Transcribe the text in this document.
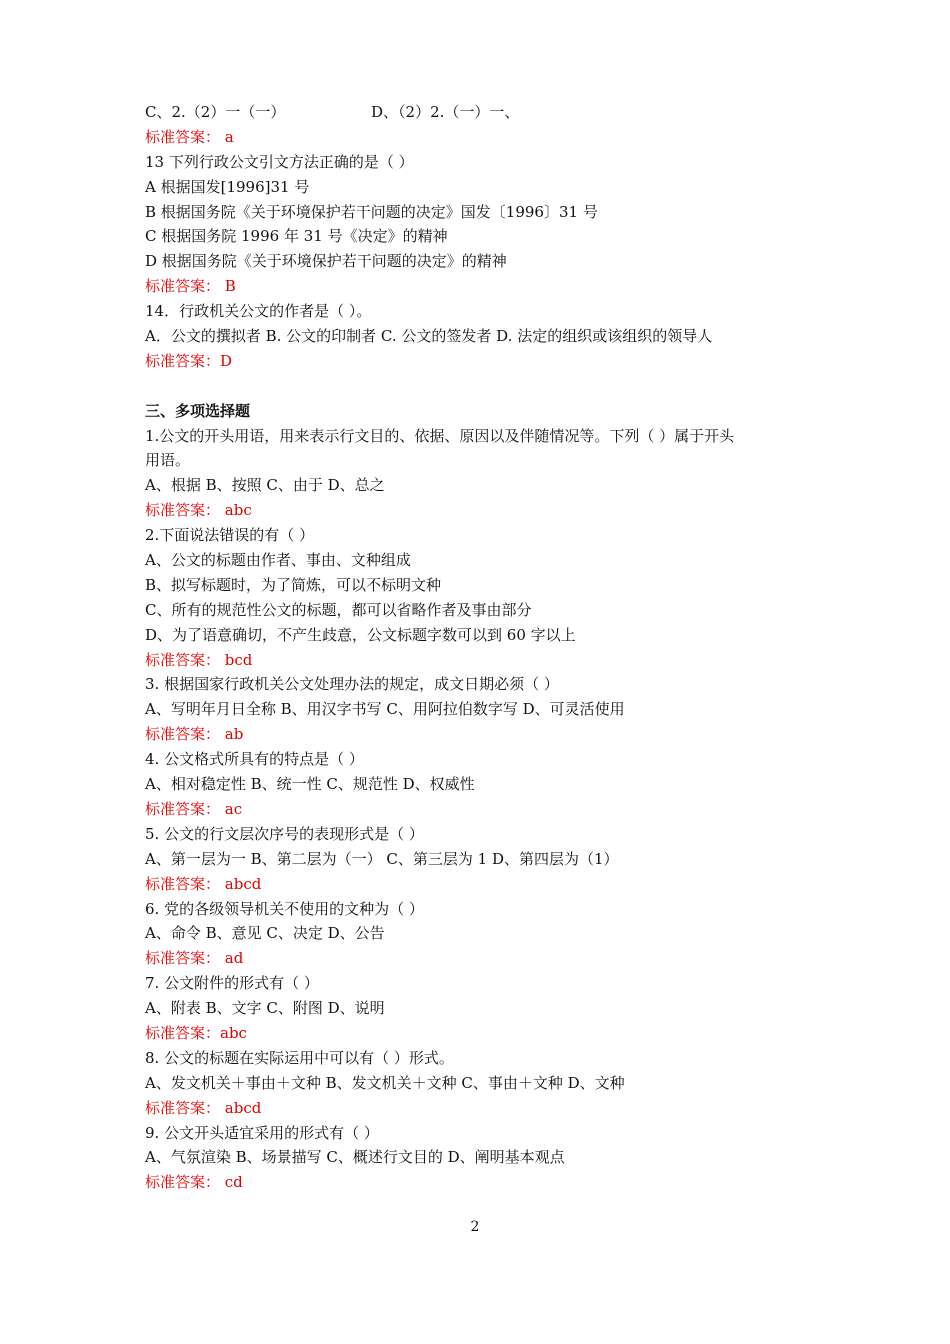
C、2.（2）一（一）	D、（2）2.（一）一、
标准答案： a
13 下列行政公文引文方法正确的是（ ）
A 根据国发[1996]31 号
B 根据国务院《关于环境保护若干问题的决定》国发〔1996〕31 号
C 根据国务院 1996 年 31 号《决定》的精神
D 根据国务院《关于环境保护若干问题的决定》的精神
标准答案： B
14．行政机关公文的作者是（ ）。
A．公文的撰拟者 B. 公文的印制者 C. 公文的签发者 D. 法定的组织或该组织的领导人
标准答案：D
三、多项选择题
1.公文的开头用语，用来表示行文目的、依据、原因以及伴随情况等。下列（ ）属于开头
用语。
A、根据 B、按照 C、由于 D、总之
标准答案： abc
2.下面说法错误的有（ ）
A、公文的标题由作者、事由、文种组成
B、拟写标题时，为了简炼，可以不标明文种
C、所有的规范性公文的标题，都可以省略作者及事由部分
D、为了语意确切，不产生歧意，公文标题字数可以到 60 字以上
标准答案： bcd
3. 根据国家行政机关公文处理办法的规定，成文日期必须（ ）
A、写明年月日全称 B、用汉字书写 C、用阿拉伯数字写 D、可灵活使用
标准答案： ab
4. 公文格式所具有的特点是（ ）
A、相对稳定性 B、统一性 C、规范性 D、权威性
标准答案： ac
5. 公文的行文层次序号的表现形式是（ ）
A、第一层为一 B、第二层为（一） C、第三层为 1 D、第四层为（1）
标准答案： abcd
6. 党的各级领导机关不使用的文种为（ ）
A、命令 B、意见 C、决定 D、公告
标准答案： ad
7. 公文附件的形式有（ ）
A、附表 B、文字 C、附图 D、说明
标准答案：abc
8. 公文的标题在实际运用中可以有（ ）形式。
A、发文机关＋事由＋文种 B、发文机关＋文种 C、事由＋文种 D、文种
标准答案： abcd
9. 公文开头适宜采用的形式有（ ）
A、气氛渲染 B、场景描写 C、概述行文目的 D、阐明基本观点
标准答案： cd
2
